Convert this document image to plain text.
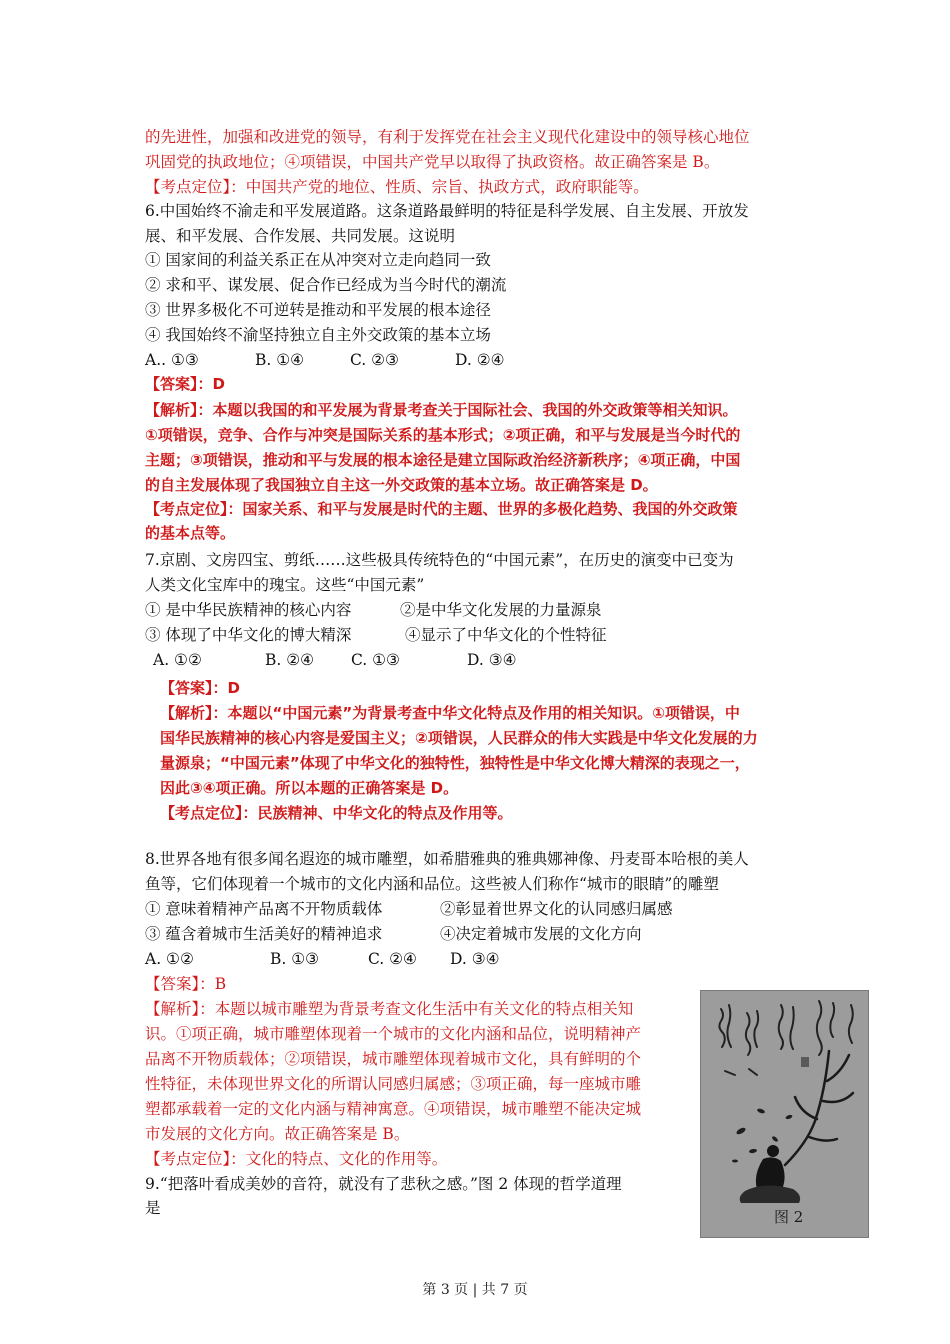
的先进性，加强和改进党的领导，有利于发挥党在社会主义现代化建设中的领导核心地位
巩固党的执政地位；④项错误，中国共产党早以取得了执政资格。故正确答案是 B。
【考点定位】：中国共产党的地位、性质、宗旨、执政方式，政府职能等。
6.中国始终不渝走和平发展道路。这条道路最鲜明的特征是科学发展、自主发展、开放发
展、和平发展、合作发展、共同发展。这说明
① 国家间的利益关系正在从冲突对立走向趋同一致
② 求和平、谋发展、促合作已经成为当今时代的潮流
③ 世界多极化不可逆转是推动和平发展的根本途径
④ 我国始终不渝坚持独立自主外交政策的基本立场
A.. ①③	B. ①④	C. ②③	D. ②④
【答案】：D
【解析】：本题以我国的和平发展为背景考查关于国际社会、我国的外交政策等相关知识。
①项错误，竞争、合作与冲突是国际关系的基本形式；②项正确，和平与发展是当今时代的
主题；③项错误，推动和平与发展的根本途径是建立国际政治经济新秩序；④项正确，中国
的自主发展体现了我国独立自主这一外交政策的基本立场。故正确答案是 D。
【考点定位】：国家关系、和平与发展是时代的主题、世界的多极化趋势、我国的外交政策
的基本点等。
7.京剧、文房四宝、剪纸……这些极具传统特色的“中国元素”，在历史的演变中已变为
人类文化宝库中的瑰宝。这些“中国元素”
① 是中华民族精神的核心内容	②是中华文化发展的力量源泉
③ 体现了中华文化的博大精深	④显示了中华文化的个性特征
A. ①②	B. ②④ C. ①③	D. ③④
【答案】：D
【解析】：本题以“中国元素”为背景考查中华文化特点及作用的相关知识。①项错误，中
国华民族精神的核心内容是爱国主义；②项错误，人民群众的伟大实践是中华文化发展的力
量源泉；“中国元素”体现了中华文化的独特性，独特性是中华文化博大精深的表现之一，
因此③④项正确。所以本题的正确答案是 D。
【考点定位】：民族精神、中华文化的特点及作用等。
8.世界各地有很多闻名遐迩的城市雕塑，如希腊雅典的雅典娜神像、丹麦哥本哈根的美人
鱼等，它们体现着一个城市的文化内涵和品位。这些被人们称作“城市的眼睛”的雕塑
① 意味着精神产品离不开物质载体	②彰显着世界文化的认同感归属感
③ 蕴含着城市生活美好的精神追求	④决定着城市发展的文化方向
A. ①②	B. ①③	C. ②④ D. ③④
【答案】：B
【解析】：本题以城市雕塑为背景考查文化生活中有关文化的特点相关知
识。①项正确，城市雕塑体现着一个城市的文化内涵和品位，说明精神产
品离不开物质载体；②项错误，城市雕塑体现着城市文化，具有鲜明的个
性特征，未体现世界文化的所谓认同感归属感；③项正确，每一座城市雕
塑都承载着一定的文化内涵与精神寓意。④项错误，城市雕塑不能决定城
市发展的文化方向。故正确答案是 B。
【考点定位】：文化的特点、文化的作用等。
9.“把落叶看成美妙的音符，就没有了悲秋之感。”图 2 体现的哲学道理
是	图 2
第 3 页 | 共 7 页
